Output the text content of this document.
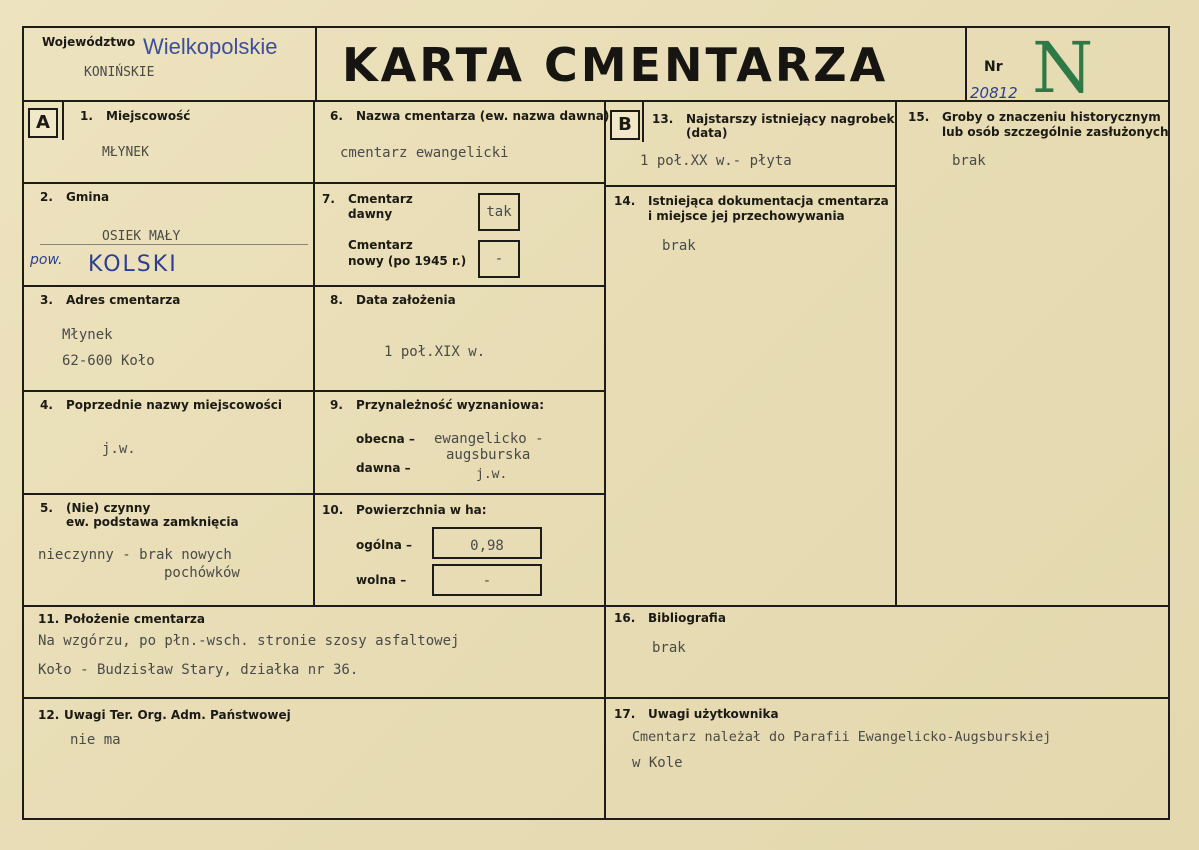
Województwo Wielkopolskie
KONIŃSKIE	KARTA CMENTARZA	Nr
20812 N
A	B
1. Miejscowość
MŁYNEK
2. Gmina
OSIEK MAŁY
pow. KOLSKI
3. Adres cmentarza
Młynek
62-600 Koło
4. Poprzednie nazwy miejscowości
j.w.
5. (Nie) czynny
ew. podstawa zamknięcia
nieczynny - brak nowych
pochówków
6. Nazwa cmentarza (ew. nazwa dawna)
cmentarz ewangelicki
7. Cmentarz
dawny	tak
Cmentarz
nowy (po 1945 r.)	-
8. Data założenia
1 poł.XIX w.
9. Przynależność wyznaniowa:
obecna – ewangelicko -
augsburska
dawna –	j.w.
10. Powierzchnia w ha:
ogólna –	0,98
wolna –	-
11. Położenie cmentarza
Na wzgórzu, po płn.-wsch. stronie szosy asfaltowej
Koło - Budzisław Stary, działka nr 36.
12. Uwagi Ter. Org. Adm. Państwowej
nie ma
13. Najstarszy istniejący nagrobek
(data)
1 poł.XX w.- płyta
14. Istniejąca dokumentacja cmentarza
i miejsce jej przechowywania
brak
15. Groby o znaczeniu historycznym
lub osób szczególnie zasłużonych
brak
16. Bibliografia
brak
17. Uwagi użytkownika
Cmentarz należał do Parafii Ewangelicko-Augsburskiej
w Kole
